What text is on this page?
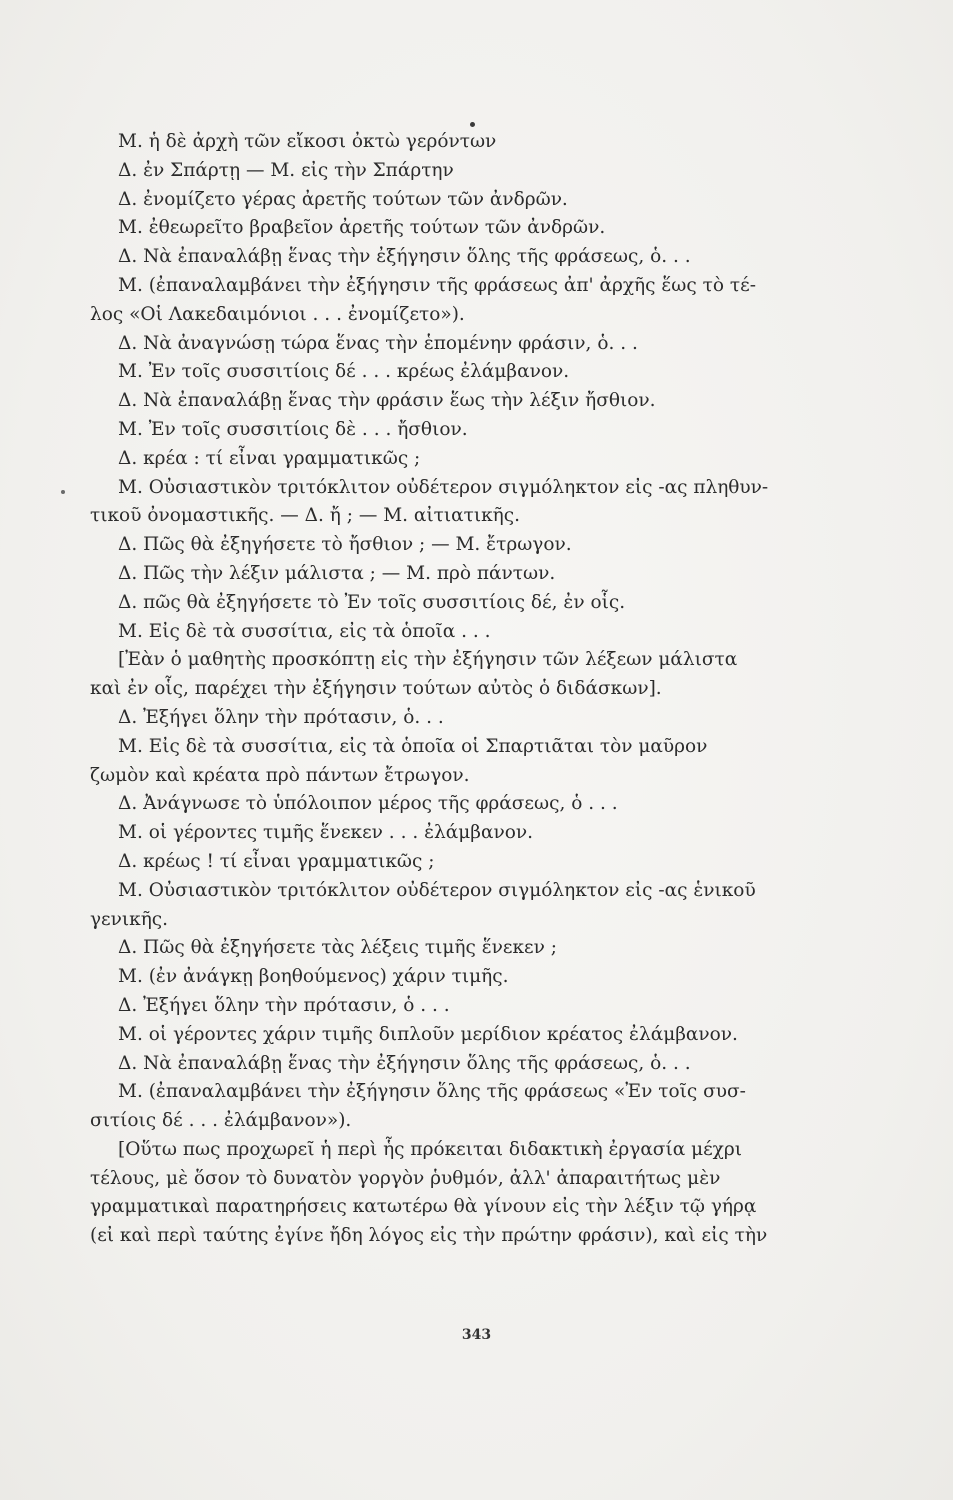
Μ. ἡ δὲ ἀρχὴ τῶν εἴκοσι ὀκτὼ γερόντων
Δ. ἐν Σπάρτῃ — Μ. εἰς τὴν Σπάρτην
Δ. ἐνομίζετο γέρας ἀρετῆς τούτων τῶν ἀνδρῶν.
Μ. ἐθεωρεῖτο βραβεῖον ἀρετῆς τούτων τῶν ἀνδρῶν.
Δ. Νὰ ἐπαναλάβῃ ἕνας τὴν ἐξήγησιν ὅλης τῆς φράσεως, ὁ. . .
Μ. (ἐπαναλαμβάνει τὴν ἐξήγησιν τῆς φράσεως ἀπ' ἀρχῆς ἕως τὸ τέ-
λος «Οἱ Λακεδαιμόνιοι . . . ἐνομίζετο»).
Δ. Νὰ ἀναγνώσῃ τώρα ἕνας τὴν ἑπομένην φράσιν, ὁ. . .
Μ. Ἐν τοῖς συσσιτίοις δέ . . . κρέως ἐλάμβανον.
Δ. Νὰ ἐπαναλάβῃ ἕνας τὴν φράσιν ἕως τὴν λέξιν ἤσθιον.
Μ. Ἐν τοῖς συσσιτίοις δὲ . . . ἤσθιον.
Δ. κρέα : τί εἶναι γραμματικῶς ;
Μ. Οὐσιαστικὸν τριτόκλιτον οὐδέτερον σιγμόληκτον εἰς -ας πληθυν-
τικοῦ ὀνομαστικῆς. — Δ. ἤ ; — Μ. αἰτιατικῆς.
Δ. Πῶς θὰ ἐξηγήσετε τὸ ἤσθιον ; — Μ. ἔτρωγον.
Δ. Πῶς τὴν λέξιν μάλιστα ; — Μ. πρὸ πάντων.
Δ. πῶς θὰ ἐξηγήσετε τὸ Ἐν τοῖς συσσιτίοις δέ, ἐν οἷς.
Μ. Εἰς δὲ τὰ συσσίτια, εἰς τὰ ὁποῖα . . .
[Ἐὰν ὁ μαθητὴς προσκόπτῃ εἰς τὴν ἐξήγησιν τῶν λέξεων μάλιστα
καὶ ἐν οἷς, παρέχει τὴν ἐξήγησιν τούτων αὐτὸς ὁ διδάσκων].
Δ. Ἐξήγει ὅλην τὴν πρότασιν, ὁ. . .
Μ. Εἰς δὲ τὰ συσσίτια, εἰς τὰ ὁποῖα οἱ Σπαρτιᾶται τὸν μαῦρον
ζωμὸν καὶ κρέατα πρὸ πάντων ἔτρωγον.
Δ. Ἀνάγνωσε τὸ ὑπόλοιπον μέρος τῆς φράσεως, ὁ . . .
Μ. οἱ γέροντες τιμῆς ἕνεκεν . . . ἐλάμβανον.
Δ. κρέως ! τί εἶναι γραμματικῶς ;
Μ. Οὐσιαστικὸν τριτόκλιτον οὐδέτερον σιγμόληκτον εἰς -ας ἑνικοῦ
γενικῆς.
Δ. Πῶς θὰ ἐξηγήσετε τὰς λέξεις τιμῆς ἕνεκεν ;
Μ. (ἐν ἀνάγκῃ βοηθούμενος) χάριν τιμῆς.
Δ. Ἐξήγει ὅλην τὴν πρότασιν, ὁ . . .
Μ. οἱ γέροντες χάριν τιμῆς διπλοῦν μερίδιον κρέατος ἐλάμβανον.
Δ. Νὰ ἐπαναλάβῃ ἕνας τὴν ἐξήγησιν ὅλης τῆς φράσεως, ὁ. . .
Μ. (ἐπαναλαμβάνει τὴν ἐξήγησιν ὅλης τῆς φράσεως «Ἐν τοῖς συσ-
σιτίοις δέ . . . ἐλάμβανον»).
[Οὕτω πως προχωρεῖ ἡ περὶ ἧς πρόκειται διδακτικὴ ἐργασία μέχρι
τέλους, μὲ ὅσον τὸ δυνατὸν γοργὸν ῥυθμόν, ἀλλ' ἀπαραιτήτως μὲν
γραμματικαὶ παρατηρήσεις κατωτέρω θὰ γίνουν εἰς τὴν λέξιν τῷ γήρᾳ
(εἰ καὶ περὶ ταύτης ἐγίνε ἤδη λόγος εἰς τὴν πρώτην φράσιν), καὶ εἰς τὴν
343
